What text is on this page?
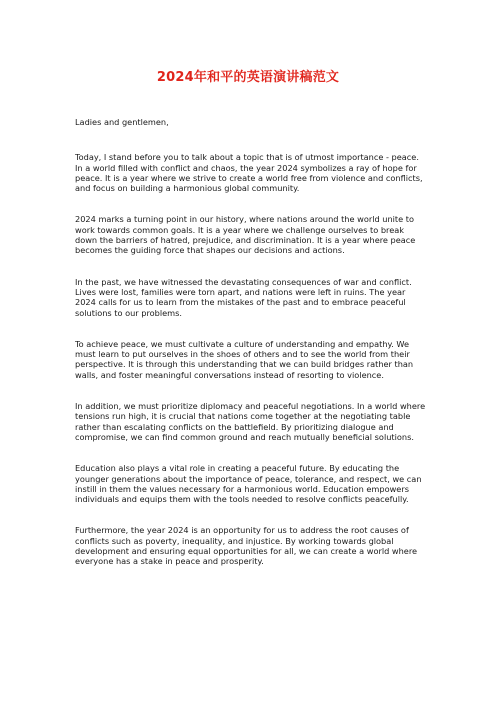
2024年和平的英语演讲稿范文

Ladies and gentlemen,

Today, I stand before you to talk about a topic that is of utmost importance - peace. In a world filled with conflict and chaos, the year 2024 symbolizes a ray of hope for peace. It is a year where we strive to create a world free from violence and conflicts, and focus on building a harmonious global community.

2024 marks a turning point in our history, where nations around the world unite to work towards common goals. It is a year where we challenge ourselves to break down the barriers of hatred, prejudice, and discrimination. It is a year where peace becomes the guiding force that shapes our decisions and actions.

In the past, we have witnessed the devastating consequences of war and conflict. Lives were lost, families were torn apart, and nations were left in ruins. The year 2024 calls for us to learn from the mistakes of the past and to embrace peaceful solutions to our problems.

To achieve peace, we must cultivate a culture of understanding and empathy. We must learn to put ourselves in the shoes of others and to see the world from their perspective. It is through this understanding that we can build bridges rather than walls, and foster meaningful conversations instead of resorting to violence.

In addition, we must prioritize diplomacy and peaceful negotiations. In a world where tensions run high, it is crucial that nations come together at the negotiating table rather than escalating conflicts on the battlefield. By prioritizing dialogue and compromise, we can find common ground and reach mutually beneficial solutions.

Education also plays a vital role in creating a peaceful future. By educating the younger generations about the importance of peace, tolerance, and respect, we can instill in them the values necessary for a harmonious world. Education empowers individuals and equips them with the tools needed to resolve conflicts peacefully.

Furthermore, the year 2024 is an opportunity for us to address the root causes of conflicts such as poverty, inequality, and injustice. By working towards global development and ensuring equal opportunities for all, we can create a world where everyone has a stake in peace and prosperity.
